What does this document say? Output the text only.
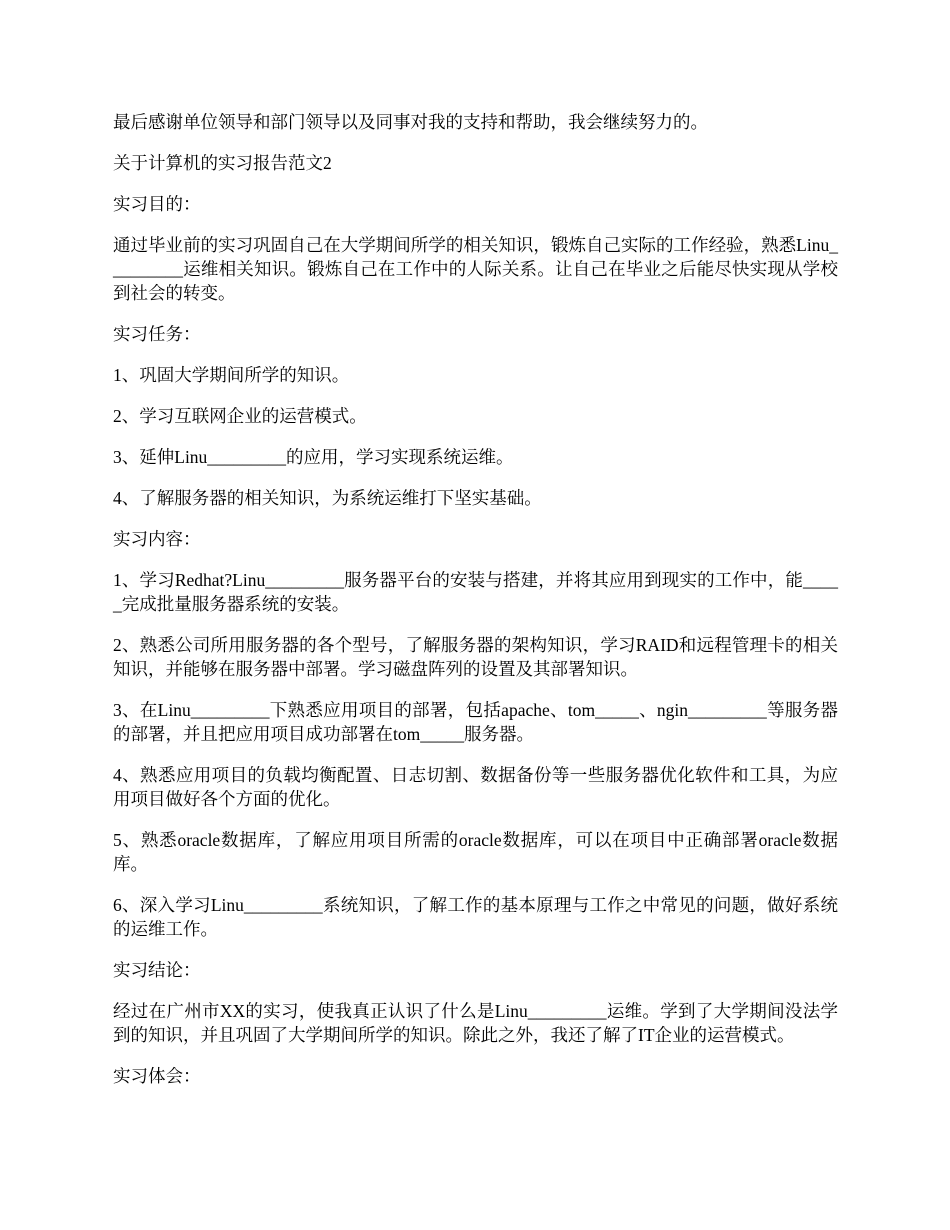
最后感谢单位领导和部门领导以及同事对我的支持和帮助，我会继续努力的。

关于计算机的实习报告范文2

实习目的：

通过毕业前的实习巩固自己在大学期间所学的相关知识，锻炼自己实际的工作经验，熟悉Linu_________运维相关知识。锻炼自己在工作中的人际关系。让自己在毕业之后能尽快实现从学校到社会的转变。

实习任务：

1、巩固大学期间所学的知识。

2、学习互联网企业的运营模式。

3、延伸Linu_________的应用，学习实现系统运维。

4、了解服务器的相关知识，为系统运维打下坚实基础。

实习内容：

1、学习Redhat?Linu_________服务器平台的安装与搭建，并将其应用到现实的工作中，能_____完成批量服务器系统的安装。

2、熟悉公司所用服务器的各个型号，了解服务器的架构知识，学习RAID和远程管理卡的相关知识，并能够在服务器中部署。学习磁盘阵列的设置及其部署知识。

3、在Linu_________下熟悉应用项目的部署，包括apache、tom_____、ngin_________等服务器的部署，并且把应用项目成功部署在tom_____服务器。

4、熟悉应用项目的负载均衡配置、日志切割、数据备份等一些服务器优化软件和工具，为应用项目做好各个方面的优化。

5、熟悉oracle数据库，了解应用项目所需的oracle数据库，可以在项目中正确部署oracle数据库。

6、深入学习Linu_________系统知识，了解工作的基本原理与工作之中常见的问题，做好系统的运维工作。

实习结论：

经过在广州市XX的实习，使我真正认识了什么是Linu_________运维。学到了大学期间没法学到的知识，并且巩固了大学期间所学的知识。除此之外，我还了解了IT企业的运营模式。

实习体会：
